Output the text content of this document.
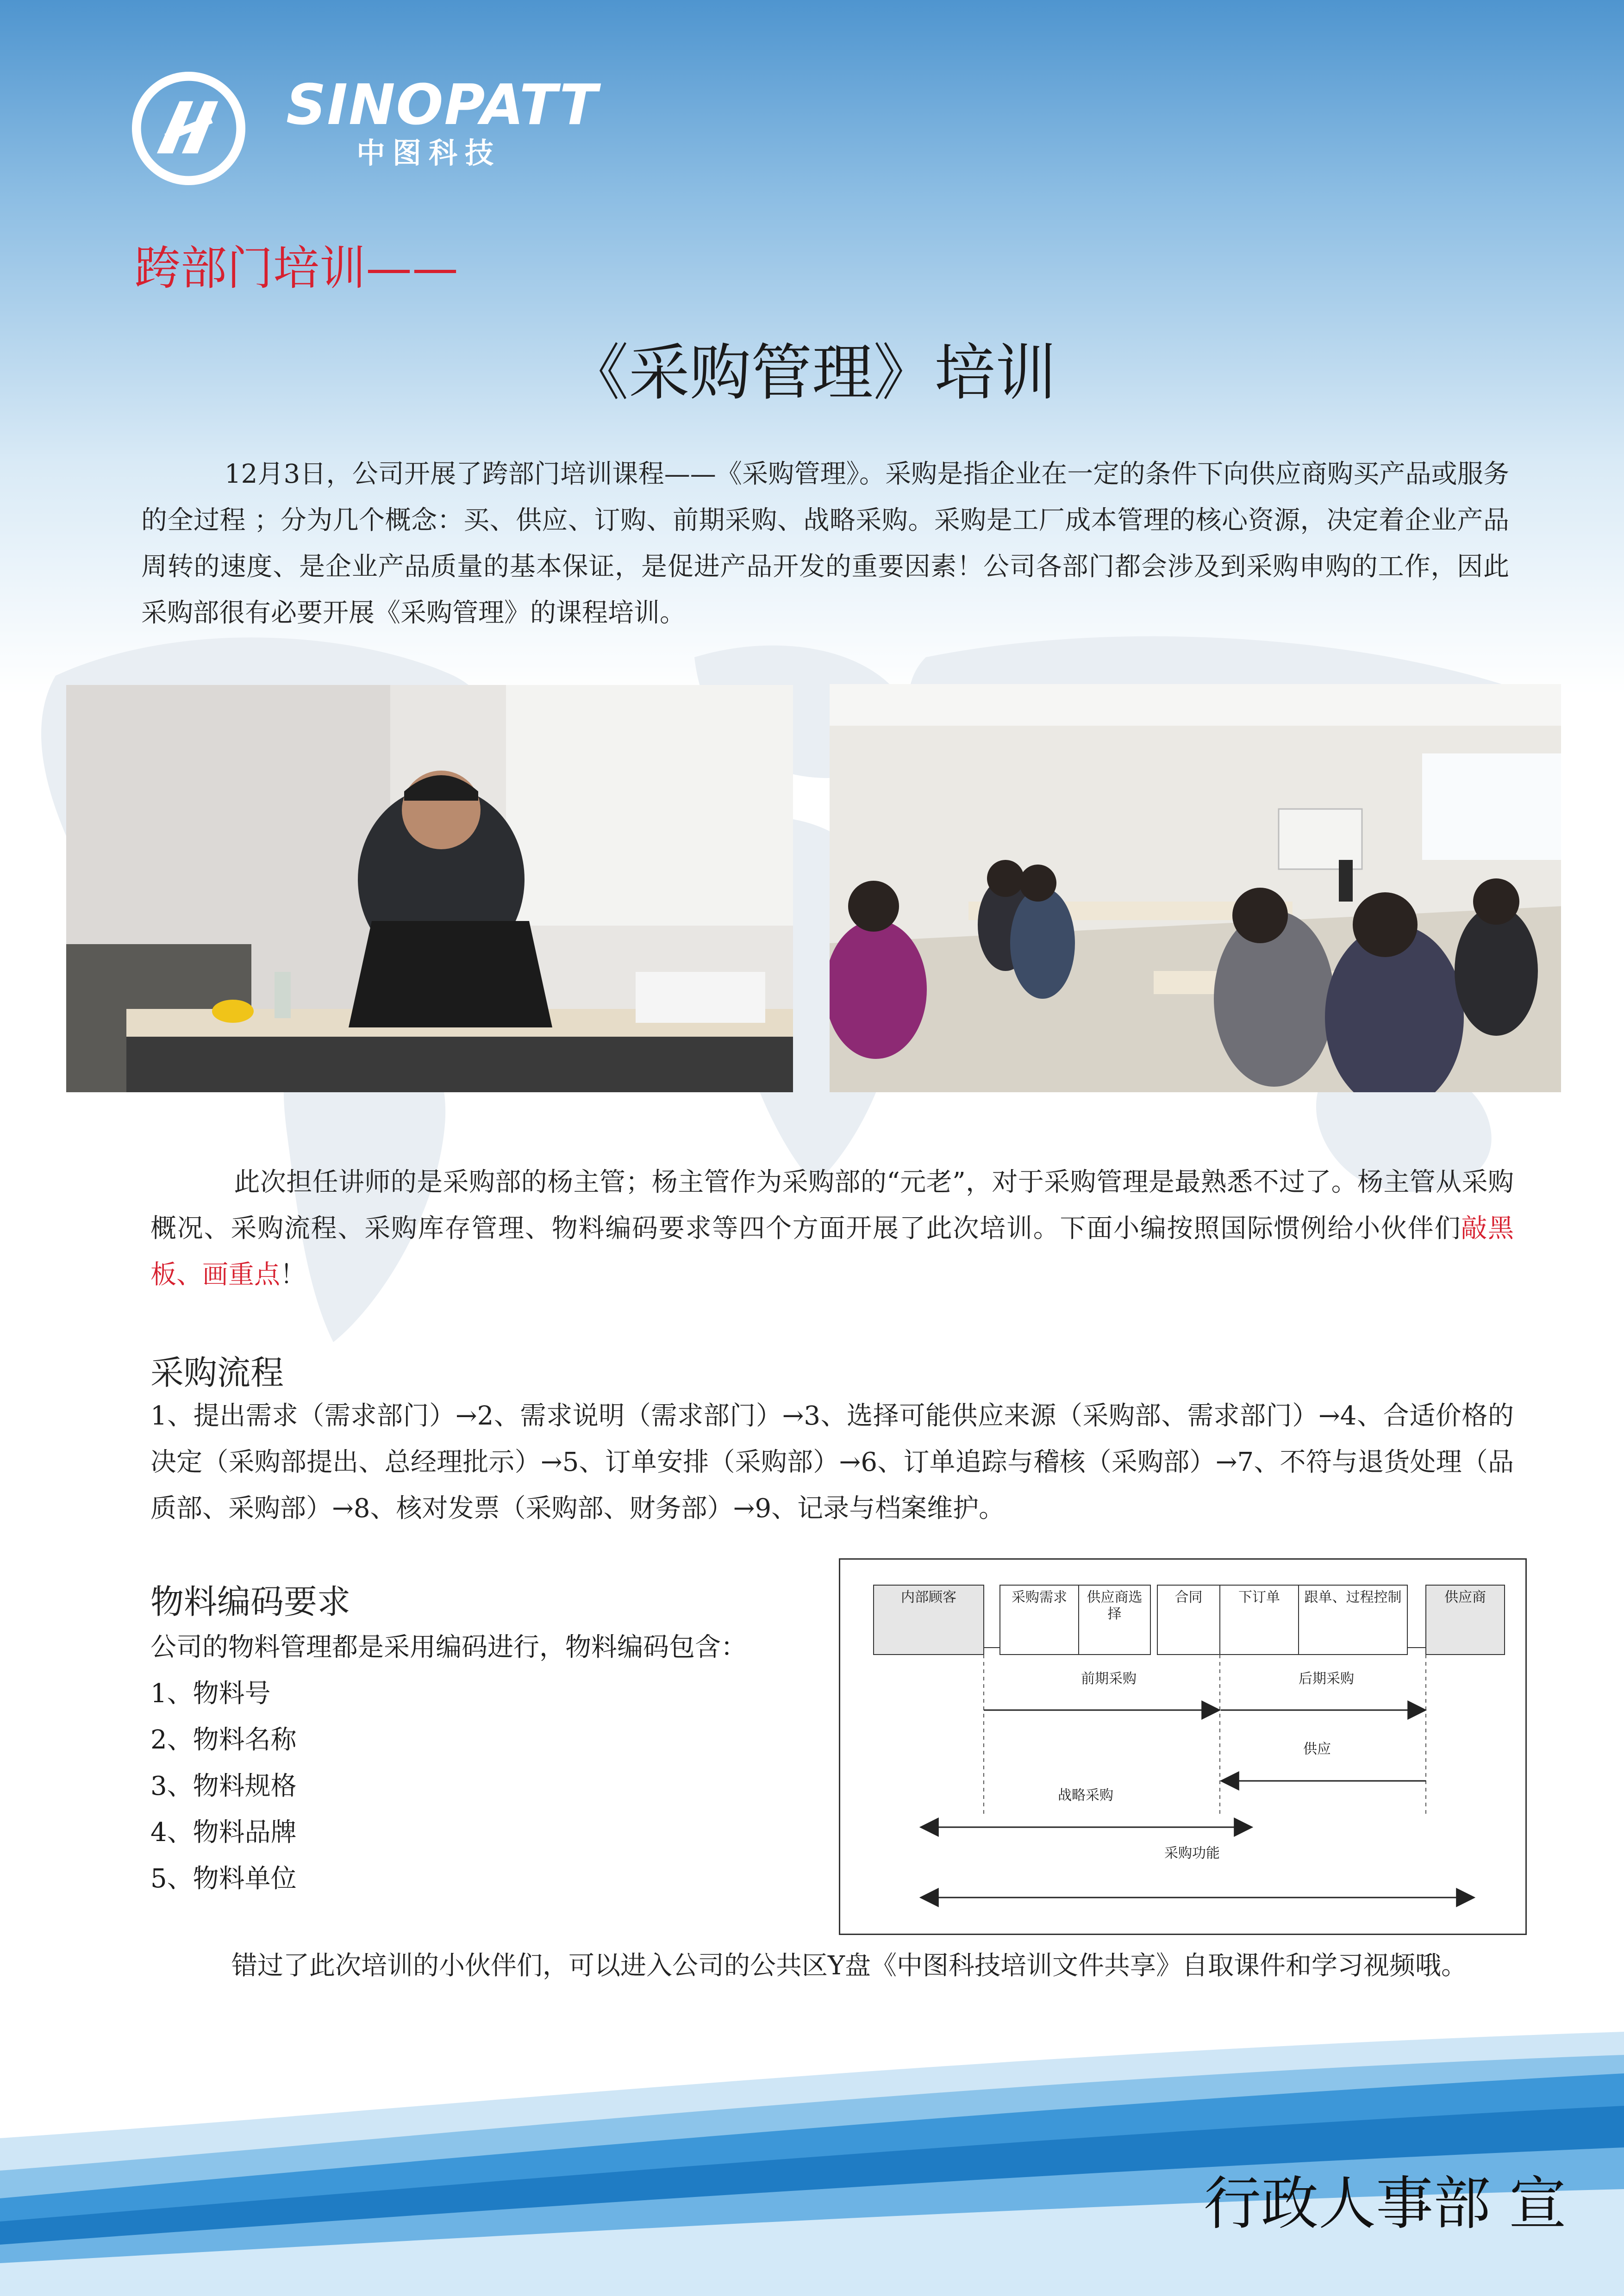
SINOPATT
中图科技
跨部门培训——
《采购管理》培训

12月3日，公司开展了跨部门培训课程——《采购管理》。采购是指企业在一定的条件下向供应商购买产品或服务的全过程 ；分为几个概念：买、供应、订购、前期采购、战略采购。采购是工厂成本管理的核心资源，决定着企业产品周转的速度、是企业产品质量的基本保证，是促进产品开发的重要因素！公司各部门都会涉及到采购申购的工作，因此采购部很有必要开展《采购管理》的课程培训。

此次担任讲师的是采购部的杨主管；杨主管作为采购部的“元老”，对于采购管理是最熟悉不过了。杨主管从采购概况、采购流程、采购库存管理、物料编码要求等四个方面开展了此次培训。下面小编按照国际惯例给小伙伴们敲黑板、画重点！

采购流程

1、提出需求（需求部门）→2、需求说明（需求部门）→3、选择可能供应来源（采购部、需求部门）→4、合适价格的决定（采购部提出、总经理批示）→5、订单安排（采购部）→6、订单追踪与稽核（采购部）→7、不符与退货处理（品质部、采购部）→8、核对发票（采购部、财务部）→9、记录与档案维护。

物料编码要求
公司的物料管理都是采用编码进行，物料编码包含：
1、物料号
2、物料名称
3、物料规格
4、物料品牌
5、物料单位
内部顾客	采购需求	供应商选择
合同	下订单	跟单、过程控制	供应商
前期采购	后期采购
供应
战略采购
采购功能
错过了此次培训的小伙伴们，可以进入公司的公共区Y盘《中图科技培训文件共享》自取课件和学习视频哦。
行政人事部 宣
